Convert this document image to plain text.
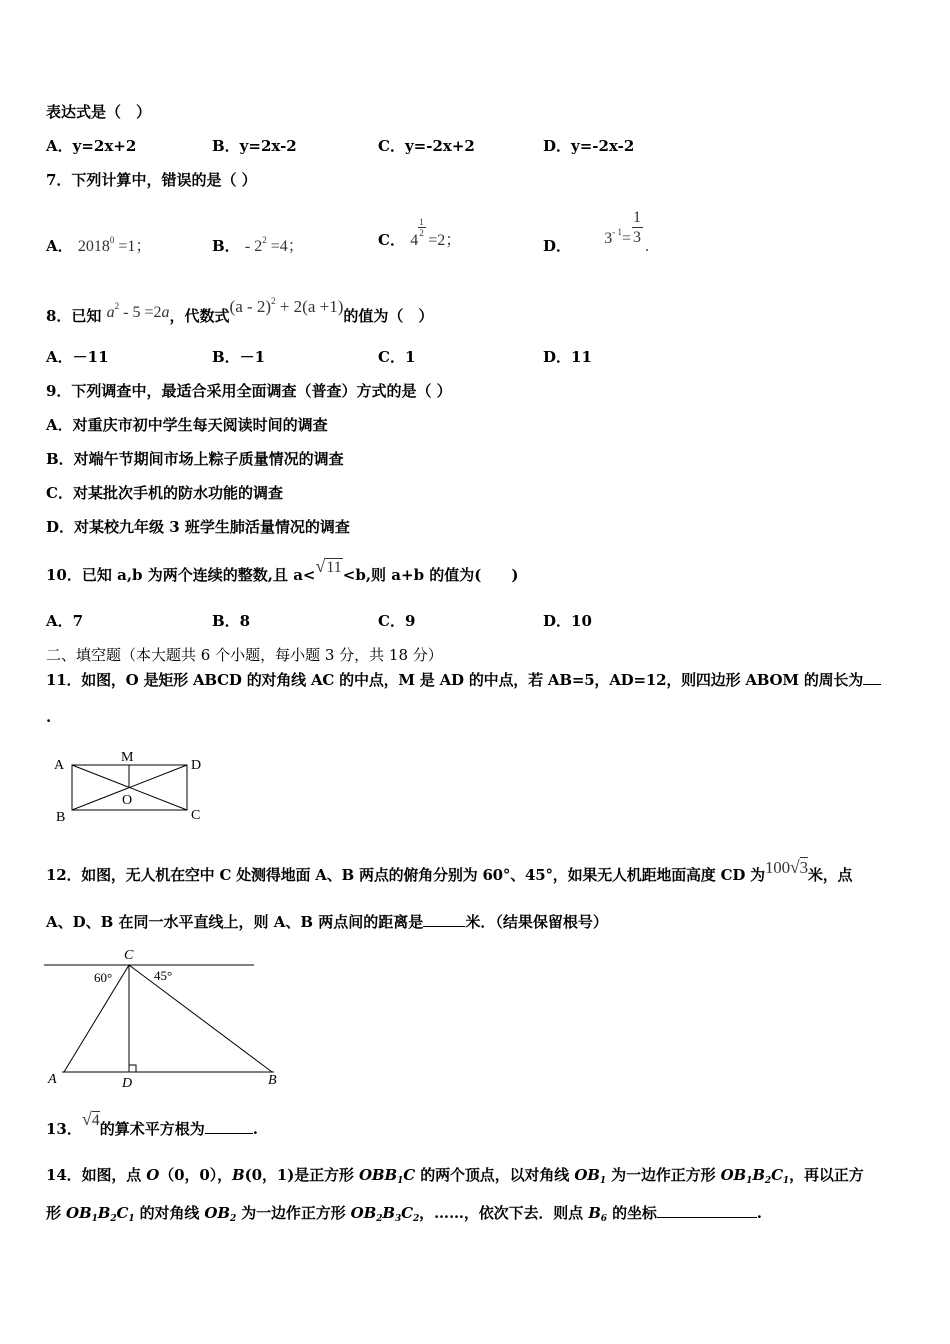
表达式是（　）
A．y=2x+2	B．y=2x-2	C．y=-2x+2	D．y=-2x-2
7．下列计算中，错误的是（ ）
A． $2018^0 =1$；	B． - $2^2 =4$；	C． $4 \frac{1}{2} =2$；	D． $3^{- 1}= \frac{1}{3}$
.
8．已知 $a^2 - 5 =2a$，代数式(a - 2)$^2$ + 2(a +1)的值为（　）
A．－11	B．－1	C．1	D．11
9．下列调查中，最适合采用全面调查（普查）方式的是（ ）
A．对重庆市初中学生每天阅读时间的调查
B．对端午节期间市场上粽子质量情况的调查
C．对某批次手机的防水功能的调查
D．对某校九年级 3 班学生肺活量情况的调查
10．已知 a,b 为两个连续的整数,且 a<√11<b,则 a+b 的值为(　　)
A．7	B．8	C．9	D．10
二、填空题（本大题共 6 个小题，每小题 3 分，共 18 分）
11．如图，O 是矩形 ABCD 的对角线 AC 的中点，M 是 AD 的中点，若 AB=5，AD=12，则四边形 ABOM 的周长为
.
A
M
D
B
O
C
12．如图，无人机在空中 C 处测得地面 A、B 两点的俯角分别为 60°、45°，如果无人机距地面高度 CD 为100√3米，点
A、D、B 在同一水平直线上，则 A、B 两点间的距离是	米．（结果保留根号）
C
60°	45°
A	D	B
13．√4的算术平方根为	.
14．如图，点 O（0，0），B(0，1)是正方形 $OBB_1C$ 的两个顶点，以对角线 $OB_1$ 为一边作正方形 $OB_1B_2C_1$，再以正方
形 $OB_1B_2C_1$ 的对角线 $OB_2$ 为一边作正方形 $OB_2B_3C_2$，……，依次下去．则点 $B_6$ 的坐标	.
